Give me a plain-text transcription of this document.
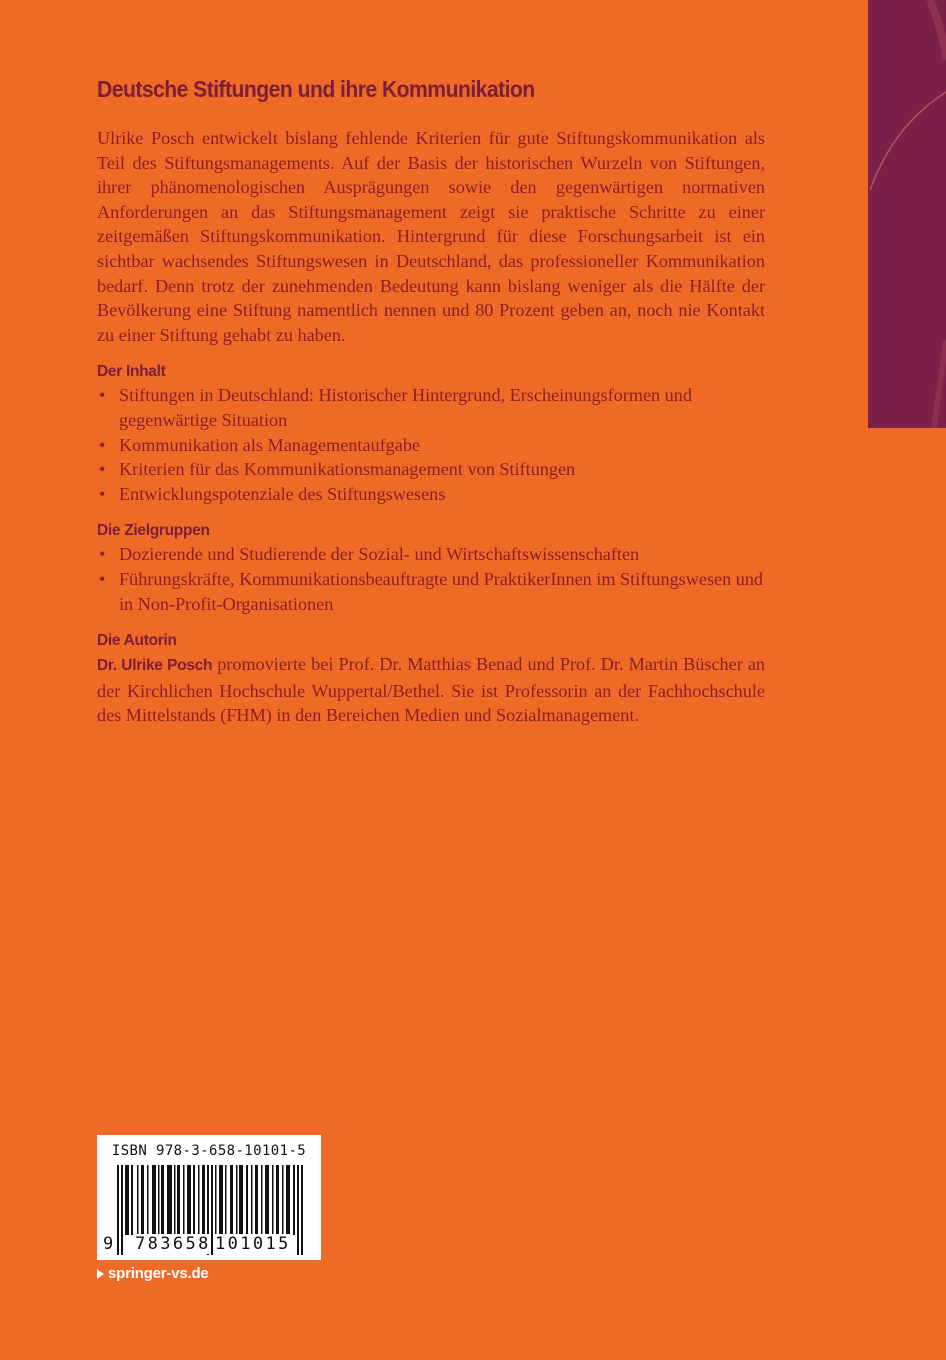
Deutsche Stiftungen und ihre Kommunikation

Ulrike Posch entwickelt bislang fehlende Kriterien für gute Stiftungskommunikation als Teil des Stiftungsmanagements. Auf der Basis der historischen Wurzeln von Stiftungen, ihrer phänomenologischen Ausprägungen sowie den gegenwärtigen normativen Anforderungen an das Stiftungsmanagement zeigt sie praktische Schritte zu einer zeitgemäßen Stiftungskommunikation. Hintergrund für diese Forschungsarbeit ist ein sichtbar wachsendes Stiftungswesen in Deutschland, das professioneller Kommunikation bedarf. Denn trotz der zunehmenden Bedeutung kann bislang weniger als die Hälfte der Bevölkerung eine Stiftung namentlich nennen und 80 Prozent geben an, noch nie Kontakt zu einer Stiftung gehabt zu haben.

Der Inhalt
• Stiftungen in Deutschland: Historischer Hintergrund, Erscheinungsformen und gegenwärtige Situation
• Kommunikation als Managementaufgabe
• Kriterien für das Kommunikationsmanagement von Stiftungen
• Entwicklungspotenziale des Stiftungswesens
Die Zielgruppen
• Dozierende und Studierende der Sozial- und Wirtschaftswissenschaften
• Führungskräfte, Kommunikationsbeauftragte und PraktikerInnen im Stiftungswesen und in Non-Profit-Organisationen
Die Autorin

Dr. Ulrike Posch promovierte bei Prof. Dr. Matthias Benad und Prof. Dr. Martin Büscher an der Kirchlichen Hochschule Wuppertal/Bethel. Sie ist Professorin an der Fachhochschule des Mittelstands (FHM) in den Bereichen Medien und Sozialmanagement.

ISBN 978-3-658-10101-5
9 783658 101015
springer-vs.de
